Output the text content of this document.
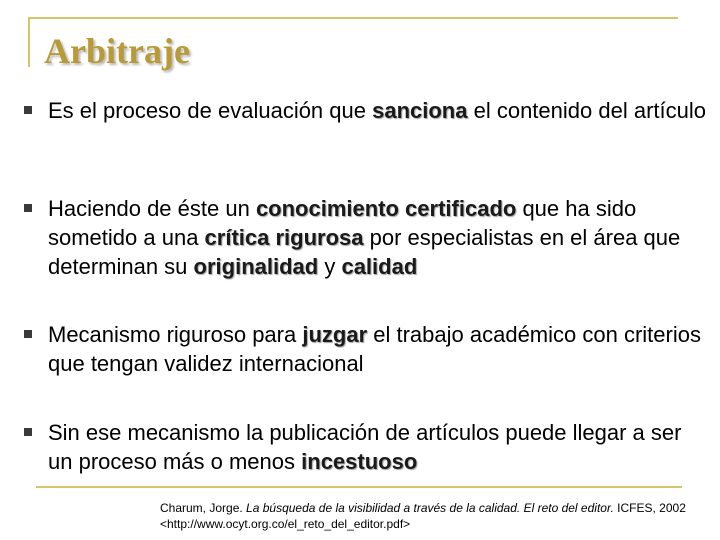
Arbitraje
Es el proceso de evaluación que sanciona el contenido del artículo
Haciendo de éste un conocimiento certificado que ha sido sometido a una crítica rigurosa por especialistas en el área que determinan su originalidad y calidad
Mecanismo riguroso para juzgar el trabajo académico con criterios que tengan validez internacional
Sin ese mecanismo la publicación de artículos puede llegar a ser un proceso más o menos incestuoso
Charum, Jorge. La búsqueda de la visibilidad a través de la calidad. El reto del editor. ICFES, 2002 <http://www.ocyt.org.co/el_reto_del_editor.pdf>
